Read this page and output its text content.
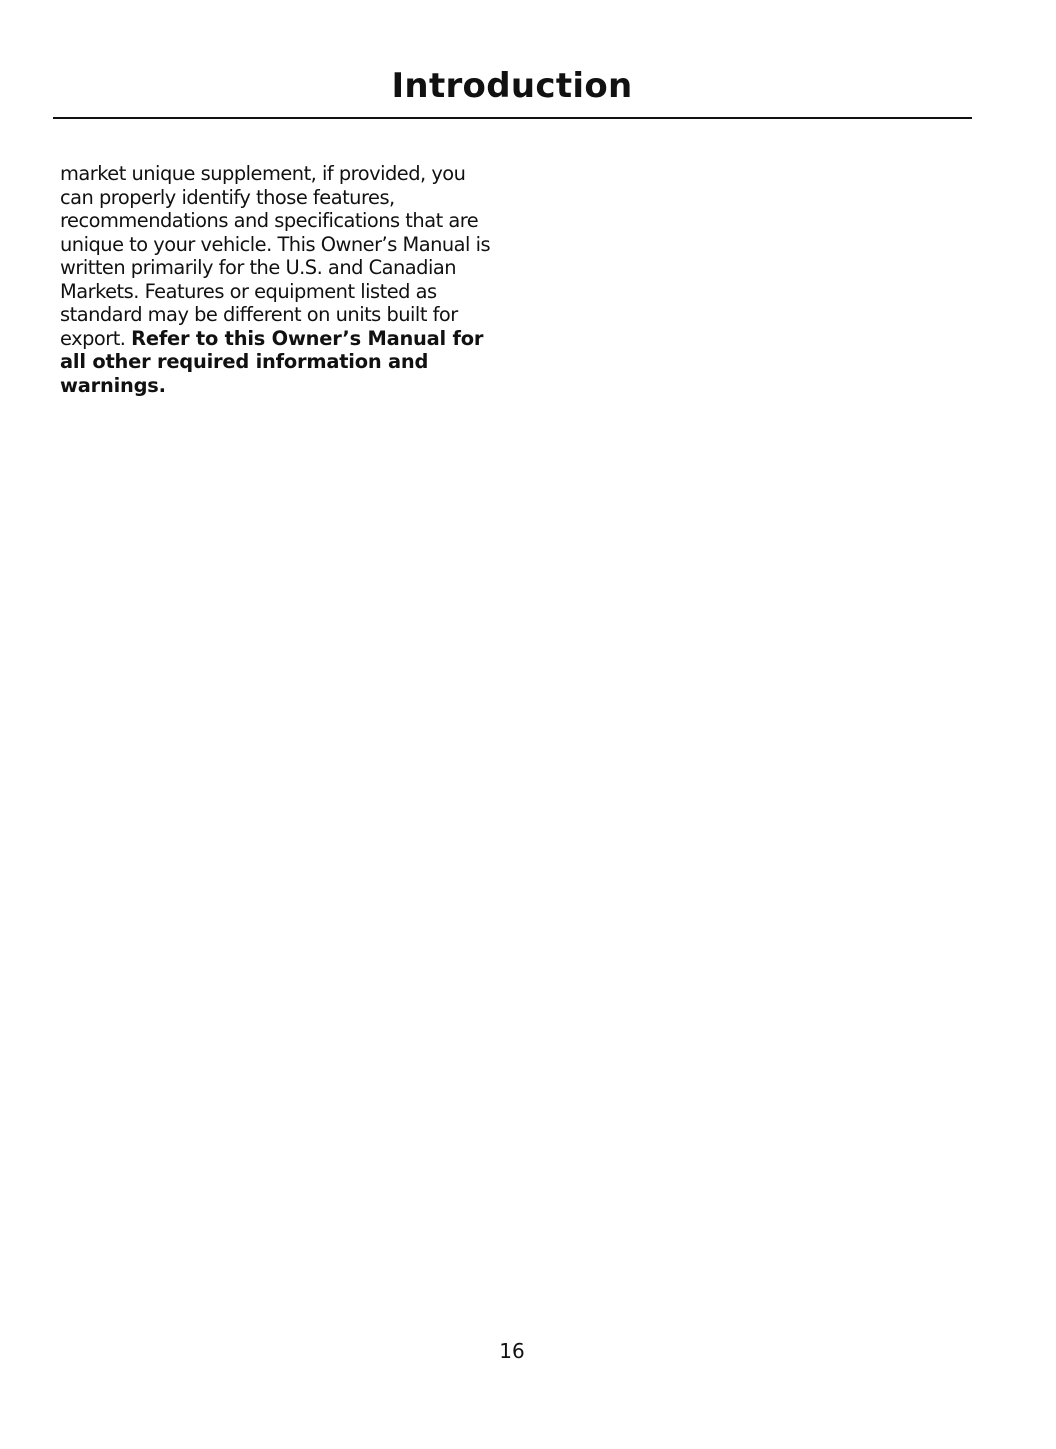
Introduction
market unique supplement, if provided, you can properly identify those features, recommendations and specifications that are unique to your vehicle. This Owner’s Manual is written primarily for the U.S. and Canadian Markets. Features or equipment listed as standard may be different on units built for export. Refer to this Owner’s Manual for all other required information and warnings.
16
